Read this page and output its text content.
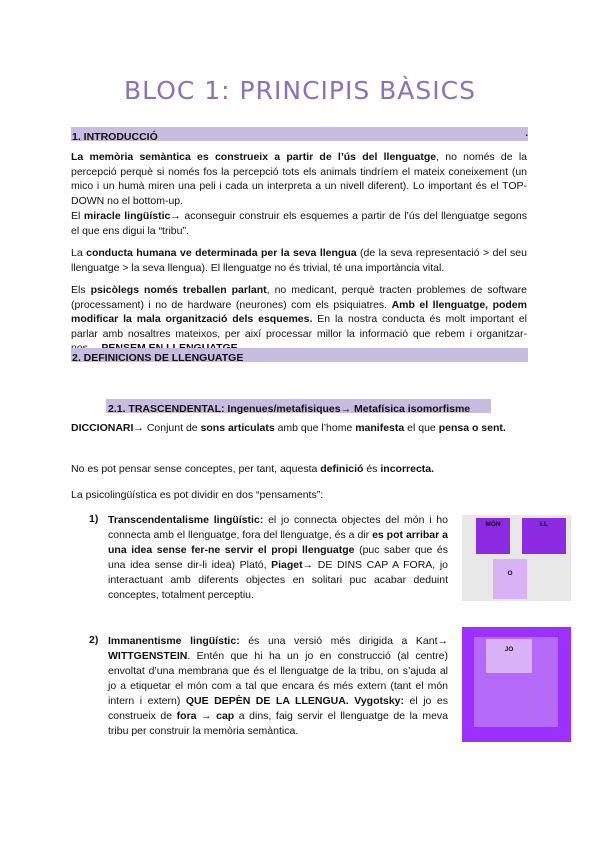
BLOC 1: PRINCIPIS BÀSICS
1. INTRODUCCIÓ	.
La memòria semàntica es construeix a partir de l’ús del llenguatge, no només de la percepció perquè si només fos la percepció tots els animals tindríem el mateix coneixement (un mico i un humà miren una peli i cada un interpreta a un nivell diferent). Lo important és el TOP-DOWN no el bottom-up.
El miracle lingüístic→ aconseguir construir els esquemes a partir de l’ús del llenguatge segons el que ens digui la “tribu”.
La conducta humana ve determinada per la seva llengua (de la seva representació > del seu llenguatge > la seva llengua). El llenguatge no és trivial, té una importància vital.
Els psicòlegs només treballen parlant, no medicant, perquè tracten problemes de software (processament) i no de hardware (neurones) com els psiquiatres. Amb el llenguatge, podem modificar la mala organització dels esquemes. En la nostra conducta és molt important el parlar amb nosaltres mateixos, per així processar millor la informació que rebem i organitzar-
2. DEFINICIONS DE LLENGUATGE
2.1. TRASCENDENTAL: Ingenues/metafisiques→ Metafísica isomorfisme
DICCIONARI→ Conjunt de sons articulats amb que l’home manifesta el que pensa o sent.
No es pot pensar sense conceptes, per tant, aquesta definició és incorrecta.
La psicolingüística es pot dividir en dos “pensaments”:
1) Transcendentalisme lingüístic: el jo connecta objectes del món i ho connecta amb el llenguatge, fora del llenguatge, és a dir es pot arribar a una idea sense fer-ne servir el propi llenguatge (puc saber que és una idea sense dir-li idea) Plató, Piaget→ DE DINS CAP A FORA, jo interactuant amb diferents objectes en solitari puc acabar deduint conceptes, totalment perceptiu.
MÓN	LL
O
2) Immanentisme lingüístic: és una versió més dirigida a Kant→ WITTGENSTEIN. Entén que hi ha un jo en construcció (al centre) envoltat d’una membrana que és el llenguatge de la tribu, on s’ajuda al jo a etiquetar el món com a tal que encara és més extern (tant el món intern i extern) QUE DEPÈN DE LA LLENGUA. Vygotsky: el jo es construeix de fora → cap a dins, faig servir el llenguatge de la meva tribu per construir la memòria semàntica.
JO
